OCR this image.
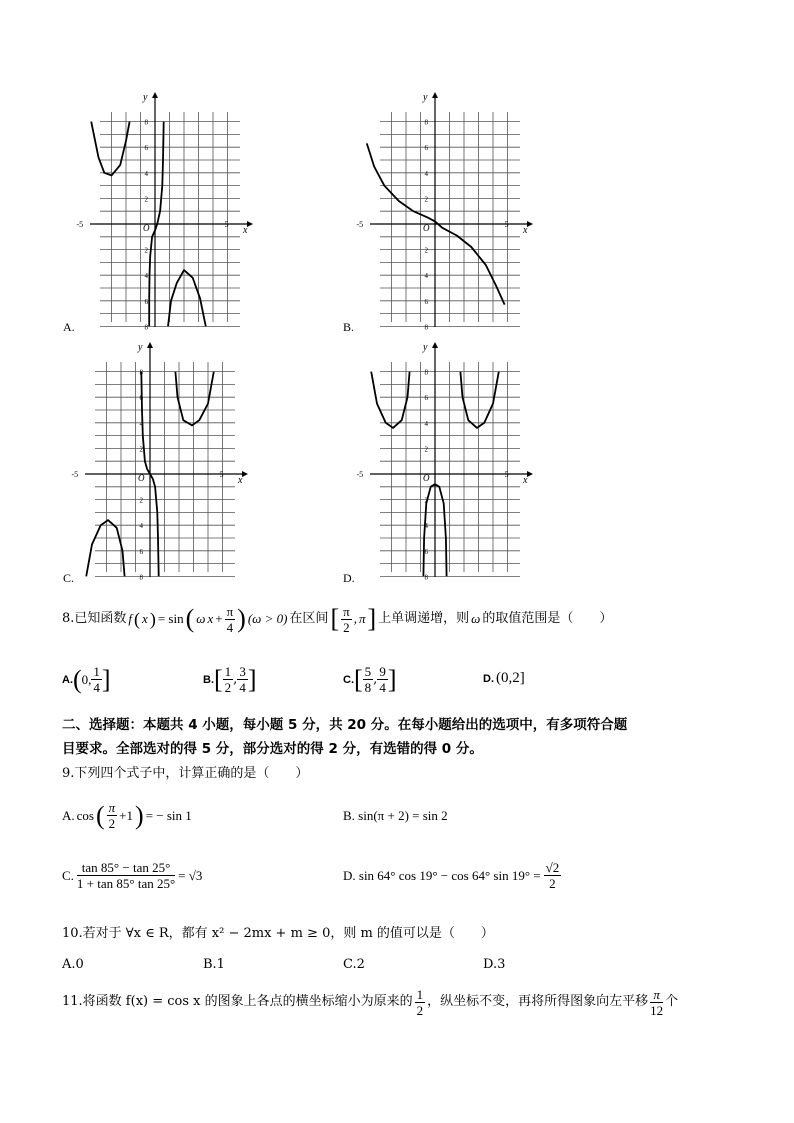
8
6
4
2
2
4
6
8
-5	5
O	x
y
8
6
4
2
2
4
6
8
-5	5
O	x
y
8
6
4
2
2
4
6
8
-5	5
O	x
y
8
6
4
2
2
4
6
8
-5	5
O	x
y
A.	B.
C.	D.
8.已知函数 f ( x ) = sin ( ω $x + \frac{\pi}{4}$ ) (ω > 0) 在区间 [ $\frac{\pi}{2}$ , π ] 上单调递增，则 ω 的取值范围是（　　）
A. ( 0, $\frac{1}{4}$ ]	B. [ $\frac{1}{2}$ , $\frac{3}{4}$ ]	C. [ $\frac{5}{8}$ , $\frac{9}{4}$ ]	D. (0,2]
二、选择题：本题共 4 小题，每小题 5 分，共 20 分。在每小题给出的选项中，有多项符合题
目要求。全部选对的得 5 分，部分选对的得 2 分，有选错的得 0 分。
9.下列四个式子中，计算正确的是（　　）
A. cos ( $\frac{\pi}{2} +1$ ) = − sin 1	B. sin(π + 2) = sin 2
C. $\frac{\tan 85^\circ - \tan 25^\circ}{1 + \tan 85^\circ \tan 25^\circ} = √3$	D. sin 64° cos 19° − cos 64° $\sin 19^\circ = \frac{√2}{2}$
10.若对于 ∀x ∈ R，都有 x² − 2mx + m ≥ 0，则 m 的值可以是（　　）
A.0	B.1	C.2	D.3
11.将函数 f(x) = cos x 的图象上各点的横坐标缩小为原来的 $\frac{1}{2}$ ，纵坐标不变，再将所得图象向左平移 $\frac{\pi}{12}$ 个
